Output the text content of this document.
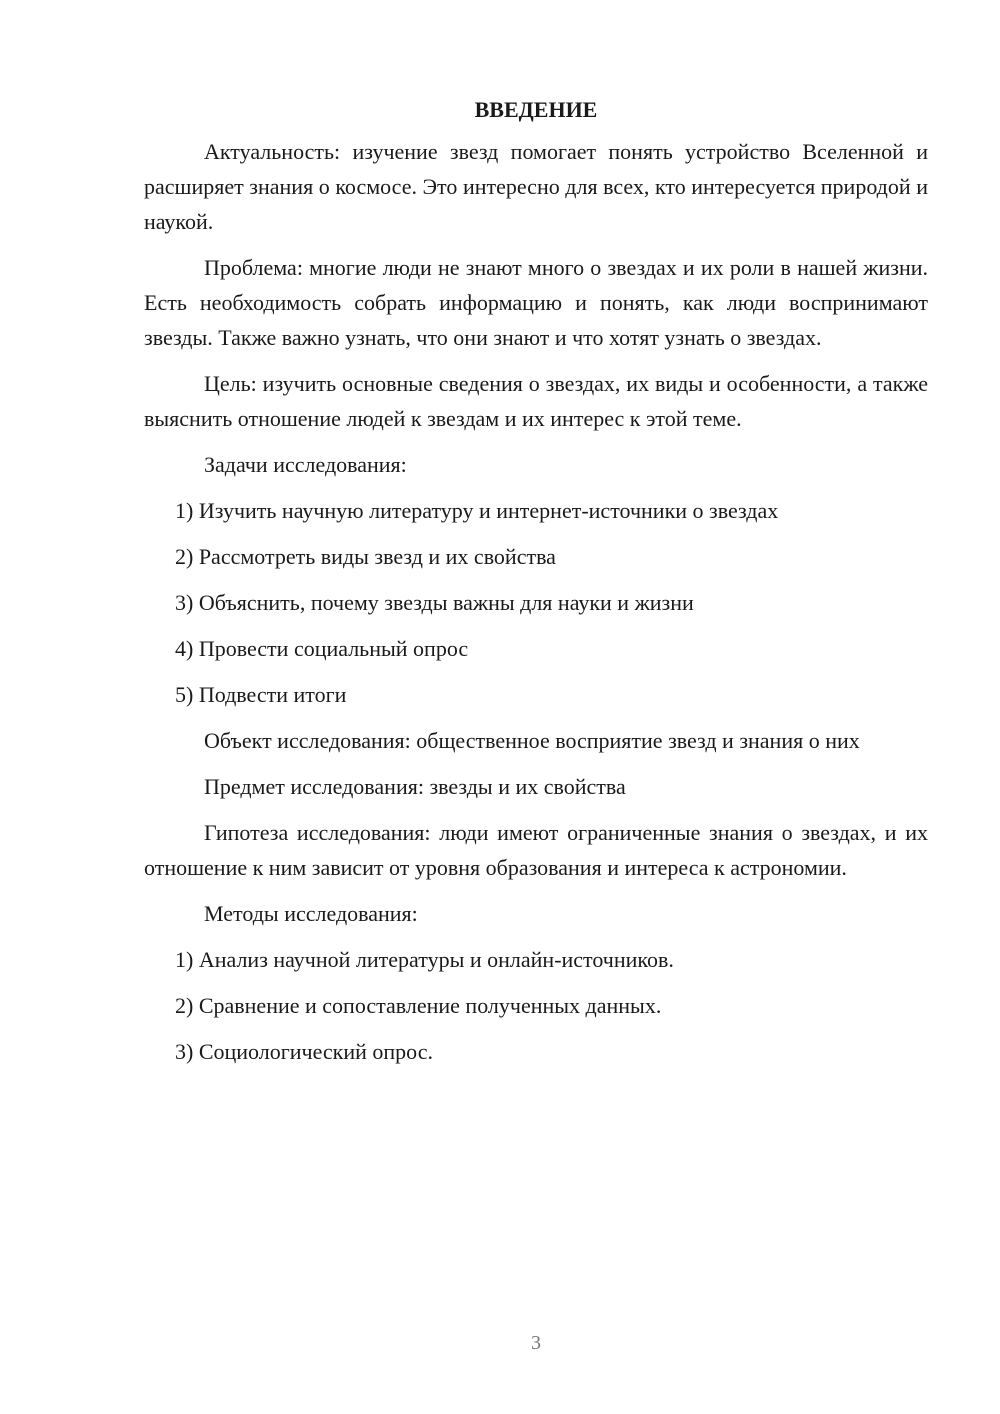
ВВЕДЕНИЕ

Актуальность: изучение звезд помогает понять устройство Вселенной и расширяет знания о космосе. Это интересно для всех, кто интересуется природой и наукой.

Проблема: многие люди не знают много о звездах и их роли в нашей жизни. Есть необходимость собрать информацию и понять, как люди воспринимают звезды. Также важно узнать, что они знают и что хотят узнать о звездах.

Цель: изучить основные сведения о звездах, их виды и особенности, а также выяснить отношение людей к звездам и их интерес к этой теме.

Задачи исследования:

1) Изучить научную литературу и интернет-источники о звездах

2) Рассмотреть виды звезд и их свойства

3) Объяснить, почему звезды важны для науки и жизни

4) Провести социальный опрос

5) Подвести итоги

Объект исследования: общественное восприятие звезд и знания о них

Предмет исследования: звезды и их свойства

Гипотеза исследования: люди имеют ограниченные знания о звездах, и их отношение к ним зависит от уровня образования и интереса к астрономии.

Методы исследования:

1) Анализ научной литературы и онлайн-источников.

2) Сравнение и сопоставление полученных данных.

3) Социологический опрос.

3
